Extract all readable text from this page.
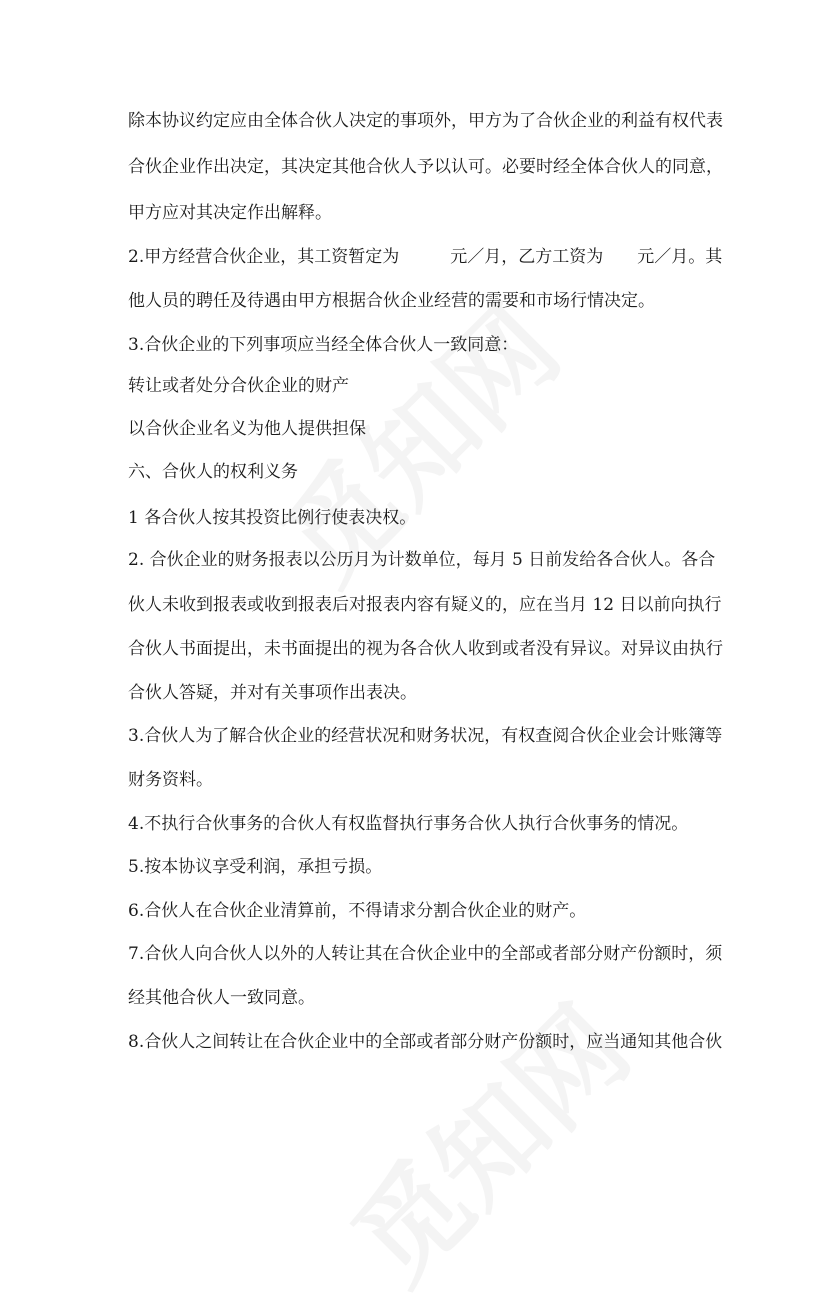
除本协议约定应由全体合伙人决定的事项外，甲方为了合伙企业的利益有权代表
合伙企业作出决定，其决定其他合伙人予以认可。必要时经全体合伙人的同意，
甲方应对其决定作出解释。
2.甲方经营合伙企业，其工资暂定为　　　元／月，乙方工资为　　元／月。其
他人员的聘任及待遇由甲方根据合伙企业经营的需要和市场行情决定。
3.合伙企业的下列事项应当经全体合伙人一致同意：
转让或者处分合伙企业的财产
以合伙企业名义为他人提供担保
六、合伙人的权利义务
1 各合伙人按其投资比例行使表决权。
2. 合伙企业的财务报表以公历月为计数单位，每月 5 日前发给各合伙人。各合
伙人未收到报表或收到报表后对报表内容有疑义的，应在当月 12 日以前向执行
合伙人书面提出，未书面提出的视为各合伙人收到或者没有异议。对异议由执行
合伙人答疑，并对有关事项作出表决。
3.合伙人为了解合伙企业的经营状况和财务状况，有权查阅合伙企业会计账簿等
财务资料。
4.不执行合伙事务的合伙人有权监督执行事务合伙人执行合伙事务的情况。
5.按本协议享受利润，承担亏损。
6.合伙人在合伙企业清算前，不得请求分割合伙企业的财产。
7.合伙人向合伙人以外的人转让其在合伙企业中的全部或者部分财产份额时，须
经其他合伙人一致同意。
8.合伙人之间转让在合伙企业中的全部或者部分财产份额时，应当通知其他合伙
